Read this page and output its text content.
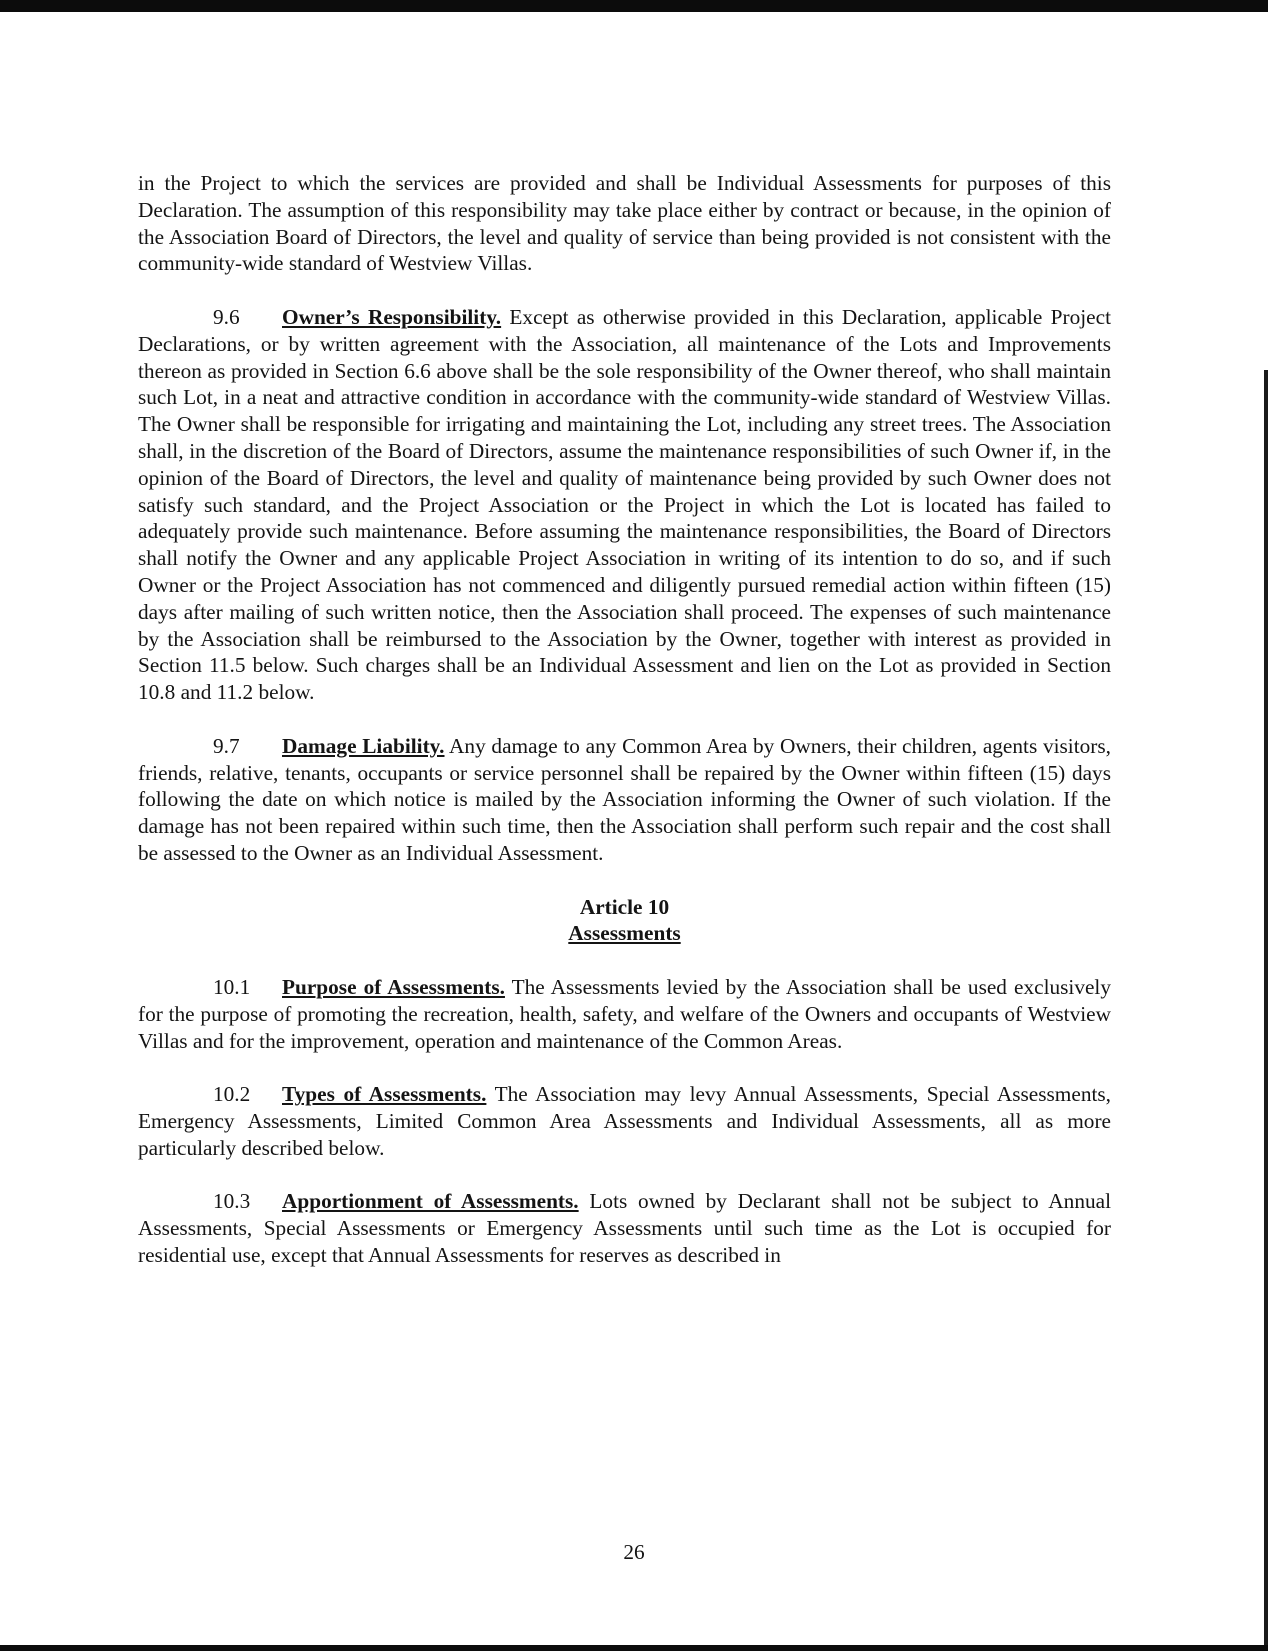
in the Project to which the services are provided and shall be Individual Assessments for purposes of this Declaration. The assumption of this responsibility may take place either by contract or because, in the opinion of the Association Board of Directors, the level and quality of service than being provided is not consistent with the community-wide standard of Westview Villas.

9.6 Owner’s Responsibility. Except as otherwise provided in this Declaration, applicable Project Declarations, or by written agreement with the Association, all maintenance of the Lots and Improvements thereon as provided in Section 6.6 above shall be the sole responsibility of the Owner thereof, who shall maintain such Lot, in a neat and attractive condition in accordance with the community-wide standard of Westview Villas. The Owner shall be responsible for irrigating and maintaining the Lot, including any street trees. The Association shall, in the discretion of the Board of Directors, assume the maintenance responsibilities of such Owner if, in the opinion of the Board of Directors, the level and quality of maintenance being provided by such Owner does not satisfy such standard, and the Project Association or the Project in which the Lot is located has failed to adequately provide such maintenance. Before assuming the maintenance responsibilities, the Board of Directors shall notify the Owner and any applicable Project Association in writing of its intention to do so, and if such Owner or the Project Association has not commenced and diligently pursued remedial action within fifteen (15) days after mailing of such written notice, then the Association shall proceed. The expenses of such maintenance by the Association shall be reimbursed to the Association by the Owner, together with interest as provided in Section 11.5 below. Such charges shall be an Individual Assessment and lien on the Lot as provided in Section 10.8 and 11.2 below.

9.7 Damage Liability. Any damage to any Common Area by Owners, their children, agents visitors, friends, relative, tenants, occupants or service personnel shall be repaired by the Owner within fifteen (15) days following the date on which notice is mailed by the Association informing the Owner of such violation. If the damage has not been repaired within such time, then the Association shall perform such repair and the cost shall be assessed to the Owner as an Individual Assessment.

Article 10
Assessments

10.1 Purpose of Assessments. The Assessments levied by the Association shall be used exclusively for the purpose of promoting the recreation, health, safety, and welfare of the Owners and occupants of Westview Villas and for the improvement, operation and maintenance of the Common Areas.

10.2 Types of Assessments. The Association may levy Annual Assessments, Special Assessments, Emergency Assessments, Limited Common Area Assessments and Individual Assessments, all as more particularly described below.

10.3 Apportionment of Assessments. Lots owned by Declarant shall not be subject to Annual Assessments, Special Assessments or Emergency Assessments until such time as the Lot is occupied for residential use, except that Annual Assessments for reserves as described in

26
